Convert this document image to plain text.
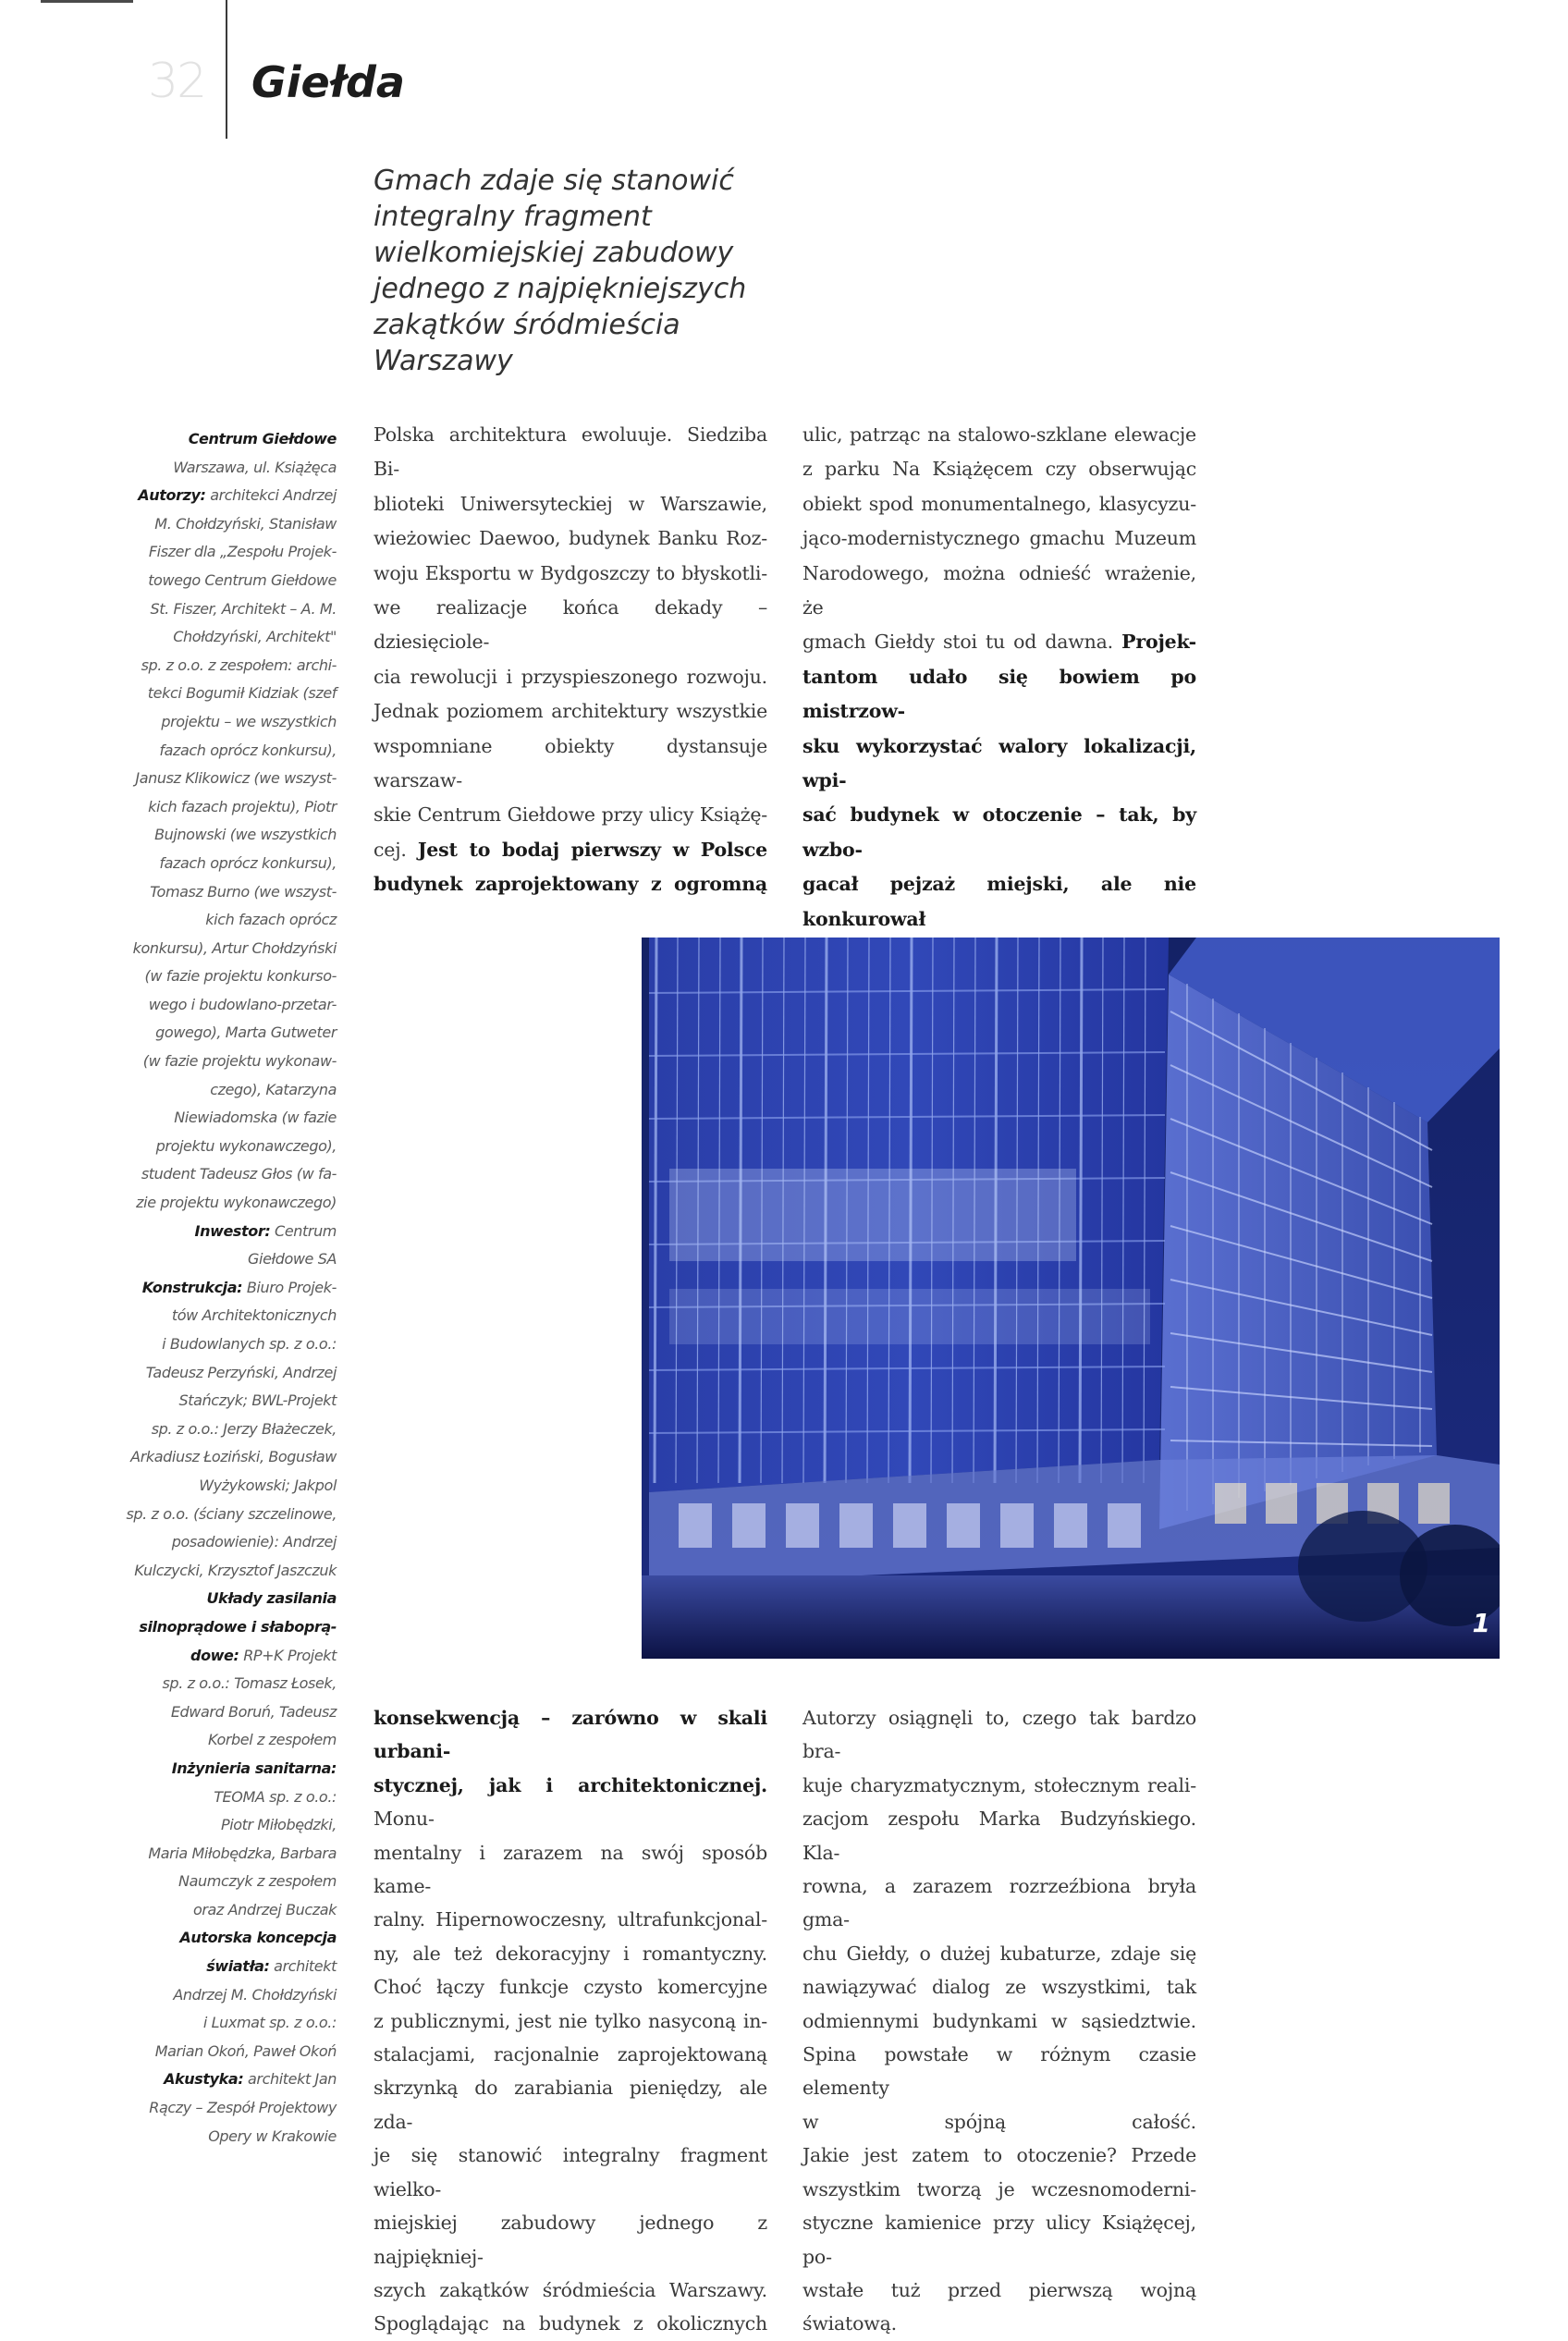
32 Giełda
Gmach zdaje się stanowić
integralny fragment
wielkomiejskiej zabudowy
jednego z najpiękniejszych
zakątków śródmieścia
Warszawy
Centrum Giełdowe
Warszawa, ul. Książęca
Autorzy: architekci Andrzej
M. Chołdzyński, Stanisław
Fiszer dla „Zespołu Projek-
towego Centrum Giełdowe
St. Fiszer, Architekt – A. M.
Chołdzyński, Architekt"
sp. z o.o. z zespołem: archi-
tekci Bogumił Kidziak (szef
projektu – we wszystkich
fazach oprócz konkursu),
Janusz Klikowicz (we wszyst-
kich fazach projektu), Piotr
Bujnowski (we wszystkich
fazach oprócz konkursu),
Tomasz Burno (we wszyst-
kich fazach oprócz
konkursu), Artur Chołdzyński
(w fazie projektu konkurso-
wego i budowlano-przetar-
gowego), Marta Gutweter
(w fazie projektu wykonaw-
czego), Katarzyna
Niewiadomska (w fazie
projektu wykonawczego),
student Tadeusz Głos (w fa-
zie projektu wykonawczego)
Inwestor: Centrum
Giełdowe SA
Konstrukcja: Biuro Projek-
tów Architektonicznych
i Budowlanych sp. z o.o.:
Tadeusz Perzyński, Andrzej
Stańczyk; BWL-Projekt
sp. z o.o.: Jerzy Błażeczek,
Arkadiusz Łoziński, Bogusław
Wyżykowski; Jakpol
sp. z o.o. (ściany szczelinowe,
posadowienie): Andrzej
Kulczycki, Krzysztof Jaszczuk
Układy zasilania
silnoprądowe i słaboprą-
dowe: RP+K Projekt
sp. z o.o.: Tomasz Łosek,
Edward Boruń, Tadeusz
Korbel z zespołem
Inżynieria sanitarna:
TEOMA sp. z o.o.:
Piotr Miłobędzki,
Maria Miłobędzka, Barbara
Naumczyk z zespołem
oraz Andrzej Buczak
Autorska koncepcja
światła: architekt
Andrzej M. Chołdzyński
i Luxmat sp. z o.o.:
Marian Okoń, Paweł Okoń
Akustyka: architekt Jan
Rączy – Zespół Projektowy
Opery w Krakowie
Polska architektura ewoluuje. Siedziba Bi-
blioteki Uniwersyteckiej w Warszawie,
wieżowiec Daewoo, budynek Banku Roz-
woju Eksportu w Bydgoszczy to błyskotli-
we realizacje końca dekady – dziesięciole-
cia rewolucji i przyspieszonego rozwoju.
Jednak poziomem architektury wszystkie
wspomniane obiekty dystansuje warszaw-
skie Centrum Giełdowe przy ulicy Książę-
cej. Jest to bodaj pierwszy w Polsce
budynek zaprojektowany z ogromną
ulic, patrząc na stalowo-szklane elewacje
z parku Na Książęcem czy obserwując
obiekt spod monumentalnego, klasycyzu-
jąco-modernistycznego gmachu Muzeum
Narodowego, można odnieść wrażenie, że
gmach Giełdy stoi tu od dawna. Projek-
tantom udało się bowiem po mistrzow-
sku wykorzystać walory lokalizacji, wpi-
sać budynek w otoczenie – tak, by wzbo-
gacał pejzaż miejski, ale nie konkurował
1
konsekwencją – zarówno w skali urbani-
stycznej, jak i architektonicznej. Monu-
mentalny i zarazem na swój sposób kame-
ralny. Hipernowoczesny, ultrafunkcjonal-
ny, ale też dekoracyjny i romantyczny.
Choć łączy funkcje czysto komercyjne
z publicznymi, jest nie tylko nasyconą in-
stalacjami, racjonalnie zaprojektowaną
skrzynką do zarabiania pieniędzy, ale zda-
je się stanowić integralny fragment wielko-
miejskiej zabudowy jednego z najpiękniej-
szych zakątków śródmieścia Warszawy.
Spoglądając na budynek z okolicznych
Autorzy osiągnęli to, czego tak bardzo bra-
kuje charyzmatycznym, stołecznym reali-
zacjom zespołu Marka Budzyńskiego. Kla-
rowna, a zarazem rozrzeźbiona bryła gma-
chu Giełdy, o dużej kubaturze, zdaje się
nawiązywać dialog ze wszystkimi, tak
odmiennymi budynkami w sąsiedztwie.
Spina powstałe w różnym czasie elementy
w spójną całość.
Jakie jest zatem to otoczenie? Przede
wszystkim tworzą je wczesnomoderni-
styczne kamienice przy ulicy Książęcej, po-
wstałe tuż przed pierwszą wojną światową.
